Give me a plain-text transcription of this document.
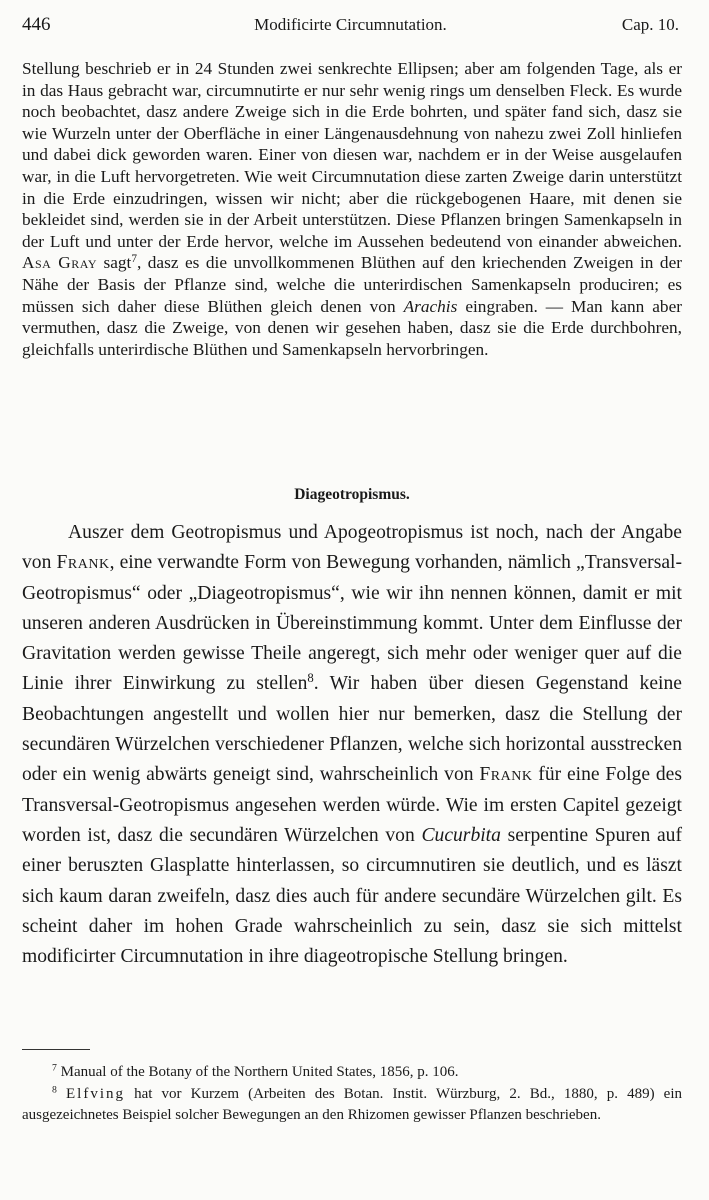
446	Modificirte Circumnutation.	Cap. 10.

Stellung beschrieb er in 24 Stunden zwei senkrechte Ellipsen; aber am folgenden Tage, als er in das Haus gebracht war, circumnutirte er nur sehr wenig rings um denselben Fleck. Es wurde noch beobachtet, dasz andere Zweige sich in die Erde bohrten, und später fand sich, dasz sie wie Wurzeln unter der Oberfläche in einer Längenausdehnung von nahezu zwei Zoll hinliefen und dabei dick geworden waren. Einer von diesen war, nachdem er in der Weise ausgelaufen war, in die Luft hervorgetreten. Wie weit Circumnutation diese zarten Zweige darin unterstützt in die Erde einzudringen, wissen wir nicht; aber die rückgebogenen Haare, mit denen sie bekleidet sind, werden sie in der Arbeit unterstützen. Diese Pflanzen bringen Samenkapseln in der Luft und unter der Erde hervor, welche im Aussehen bedeutend von einander abweichen. Asa Gray sagt$^7$, dasz es die unvollkommenen Blüthen auf den kriechenden Zweigen in der Nähe der Basis der Pflanze sind, welche die unterirdischen Samenkapseln produciren; es müssen sich daher diese Blüthen gleich denen von Arachis eingraben. — Man kann aber vermuthen, dasz die Zweige, von denen wir gesehen haben, dasz sie die Erde durchbohren, gleichfalls unterirdische Blüthen und Samenkapseln hervorbringen.

Diageotropismus.

Auszer dem Geotropismus und Apogeotropismus ist noch, nach der Angabe von Frank, eine verwandte Form von Bewegung vorhanden, nämlich „Transversal-Geotropismus“ oder „Diageotropismus“, wie wir ihn nennen können, damit er mit unseren anderen Ausdrücken in Übereinstimmung kommt. Unter dem Einflusse der Gravitation werden gewisse Theile angeregt, sich mehr oder weniger quer auf die Linie ihrer Einwirkung zu stellen$^8$. Wir haben über diesen Gegenstand keine Beobachtungen angestellt und wollen hier nur bemerken, dasz die Stellung der secundären Würzelchen verschiedener Pflanzen, welche sich horizontal ausstrecken oder ein wenig abwärts geneigt sind, wahrscheinlich von Frank für eine Folge des Transversal-Geotropismus angesehen werden würde. Wie im ersten Capitel gezeigt worden ist, dasz die secundären Würzelchen von Cucurbita serpentine Spuren auf einer beruszten Glasplatte hinterlassen, so circumnutiren sie deutlich, und es läszt sich kaum daran zweifeln, dasz dies auch für andere secundäre Würzelchen gilt. Es scheint daher im hohen Grade wahrscheinlich zu sein, dasz sie sich mittelst modificirter Circumnutation in ihre diageotropische Stellung bringen.

$^7$ Manual of the Botany of the Northern United States, 1856, p. 106.

$^8$ Elfving hat vor Kurzem (Arbeiten des Botan. Instit. Würzburg, 2. Bd., 1880, p. 489) ein ausgezeichnetes Beispiel solcher Bewegungen an den Rhizomen gewisser Pflanzen beschrieben.
